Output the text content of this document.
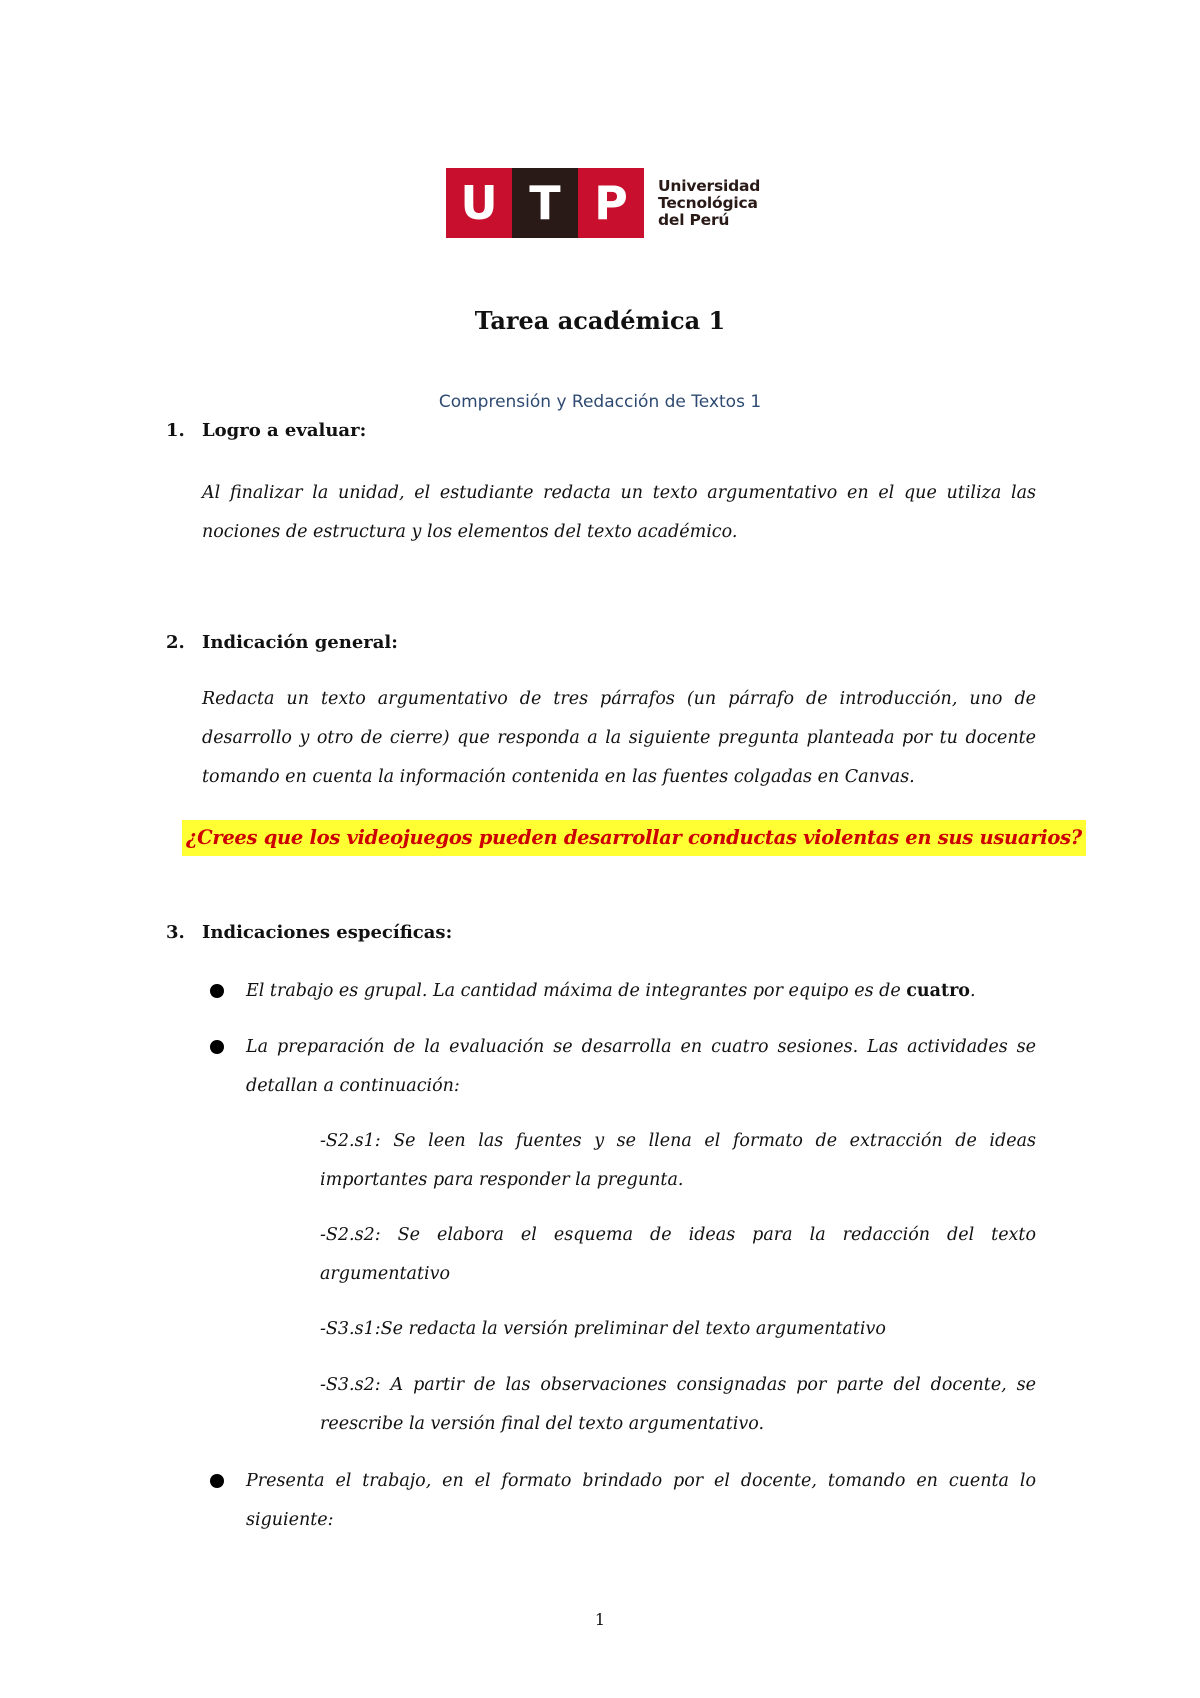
U T P	Universidad
Tecnológica
del Perú
Tarea académica 1
Comprensión y Redacción de Textos 1
1. Logro a evaluar:
Al finalizar la unidad, el estudiante redacta un texto argumentativo en el que utiliza las nociones de estructura y los elementos del texto académico.
2. Indicación general:
Redacta un texto argumentativo de tres párrafos (un párrafo de introducción, uno de desarrollo y otro de cierre) que responda a la siguiente pregunta planteada por tu docente tomando en cuenta la información contenida en las fuentes colgadas en Canvas.
¿Crees que los videojuegos pueden desarrollar conductas violentas en sus usuarios?
3. Indicaciones específicas:
El trabajo es grupal. La cantidad máxima de integrantes por equipo es de cuatro.
La preparación de la evaluación se desarrolla en cuatro sesiones. Las actividades se detallan a continuación:
-S2.s1: Se leen las fuentes y se llena el formato de extracción de ideas importantes para responder la pregunta.
-S2.s2: Se elabora el esquema de ideas para la redacción del texto argumentativo
-S3.s1:Se redacta la versión preliminar del texto argumentativo
-S3.s2: A partir de las observaciones consignadas por parte del docente, se reescribe la versión final del texto argumentativo.
Presenta el trabajo, en el formato brindado por el docente, tomando en cuenta lo siguiente:
1
